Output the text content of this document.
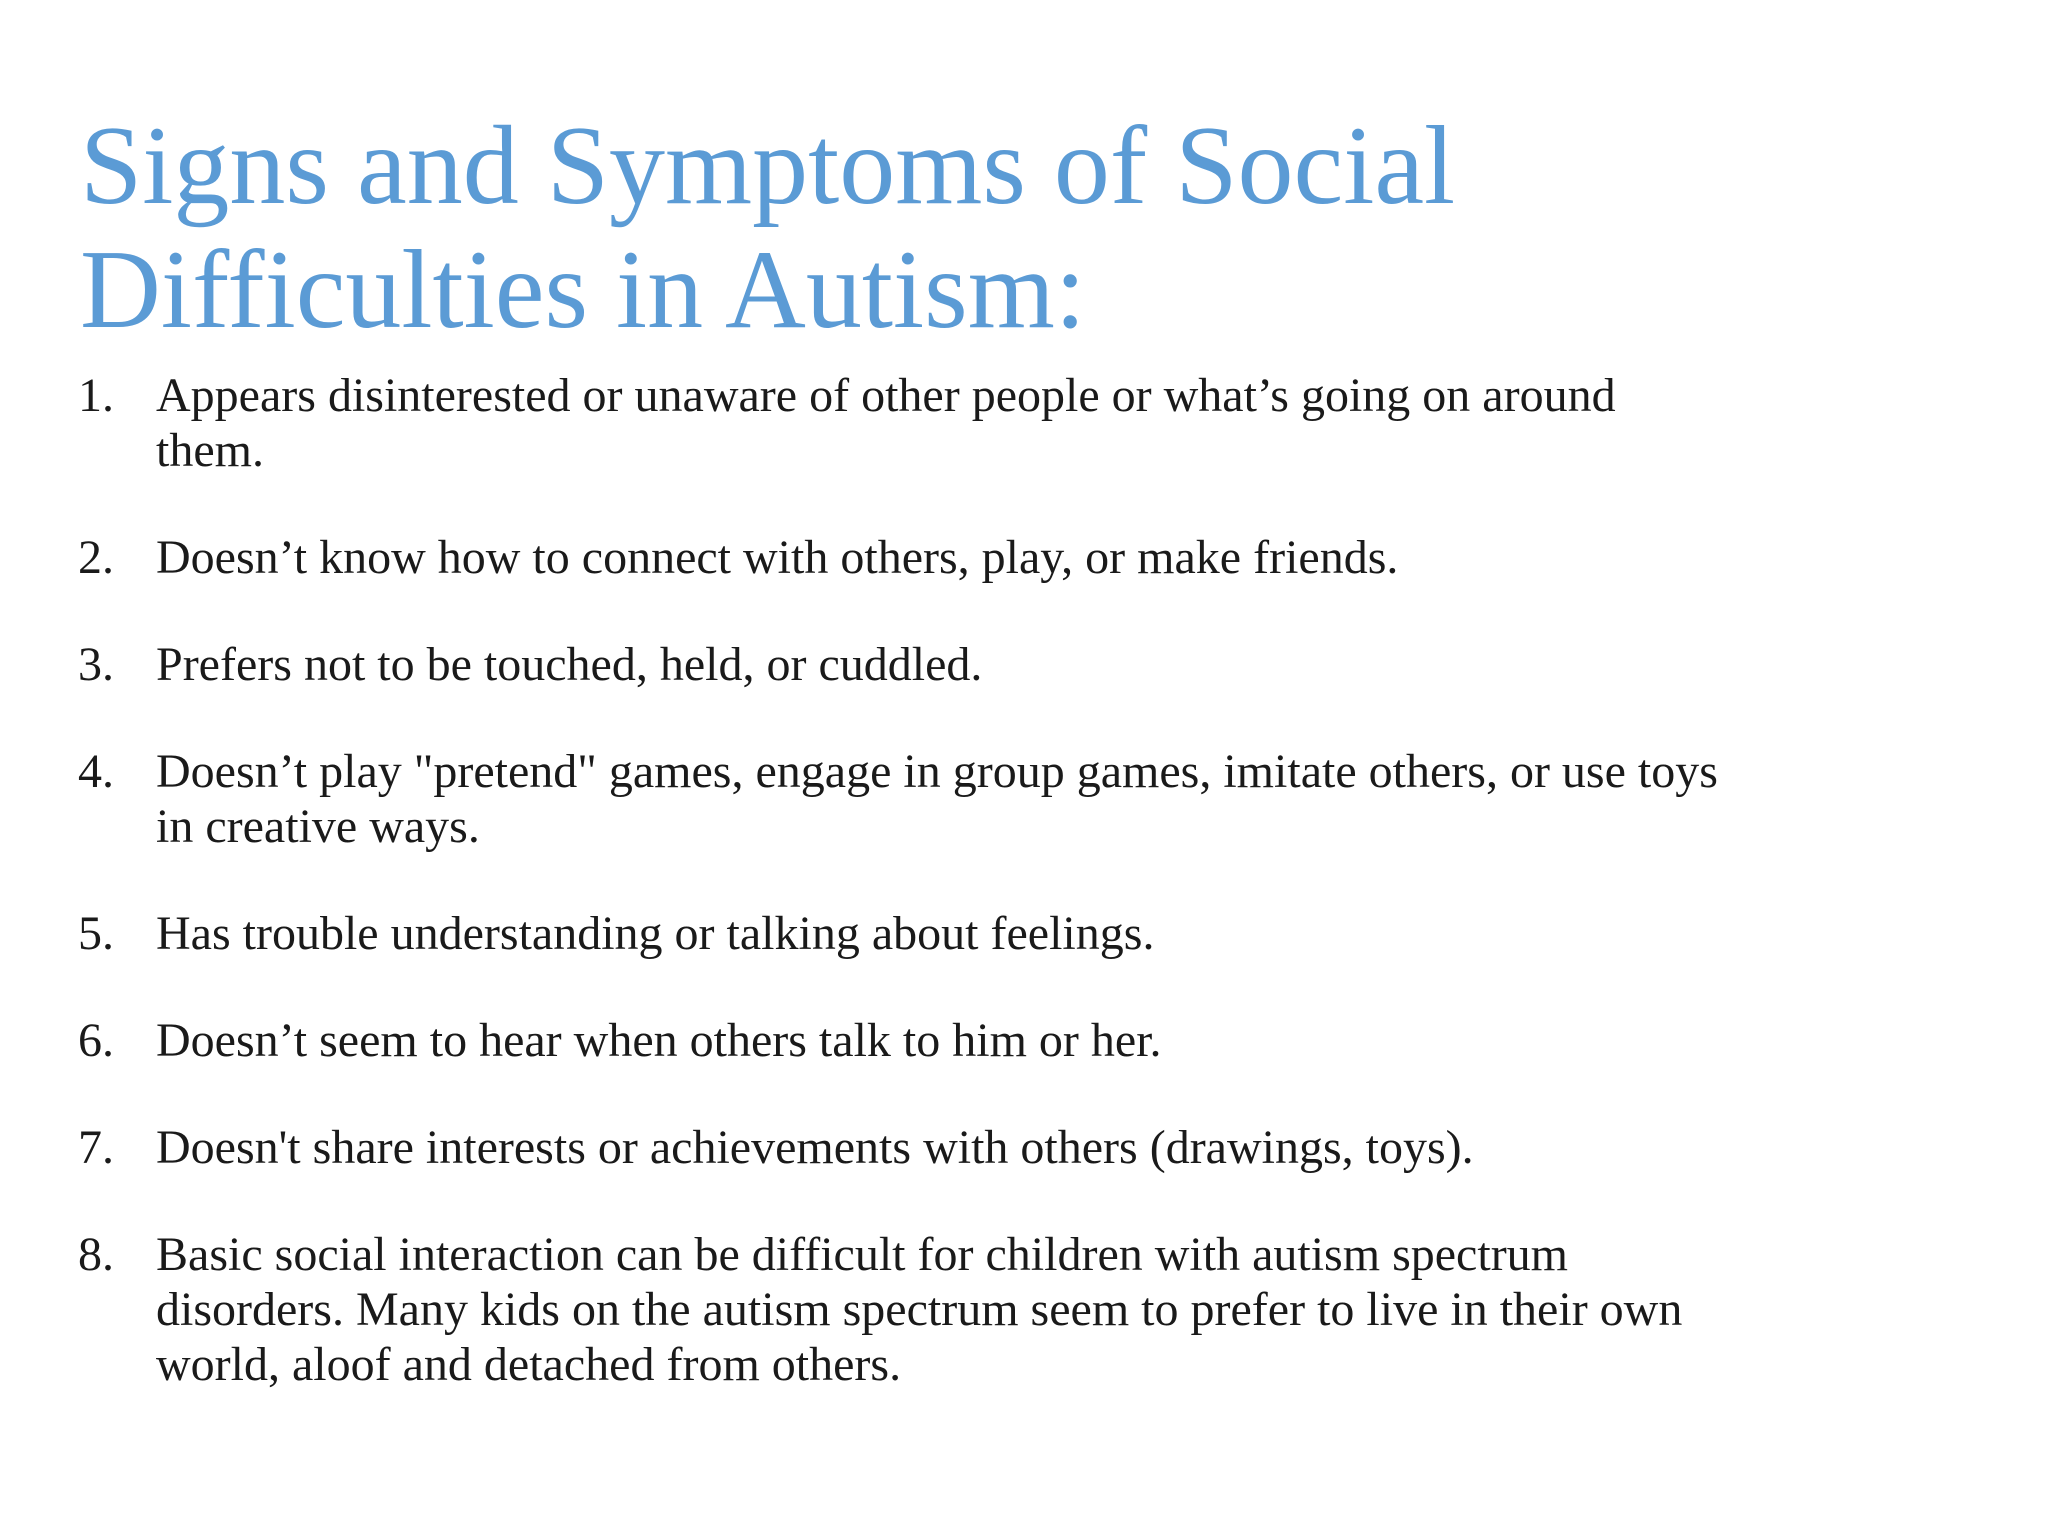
Signs and Symptoms of Social Difficulties in Autism:
1. Appears disinterested or unaware of other people or what’s going on around them.
2. Doesn’t know how to connect with others, play, or make friends.
3. Prefers not to be touched, held, or cuddled.
4. Doesn’t play "pretend" games, engage in group games, imitate others, or use toys in creative ways.
5. Has trouble understanding or talking about feelings.
6. Doesn’t seem to hear when others talk to him or her.
7. Doesn't share interests or achievements with others (drawings, toys).
8. Basic social interaction can be difficult for children with autism spectrum disorders. Many kids on the autism spectrum seem to prefer to live in their own world, aloof and detached from others.
